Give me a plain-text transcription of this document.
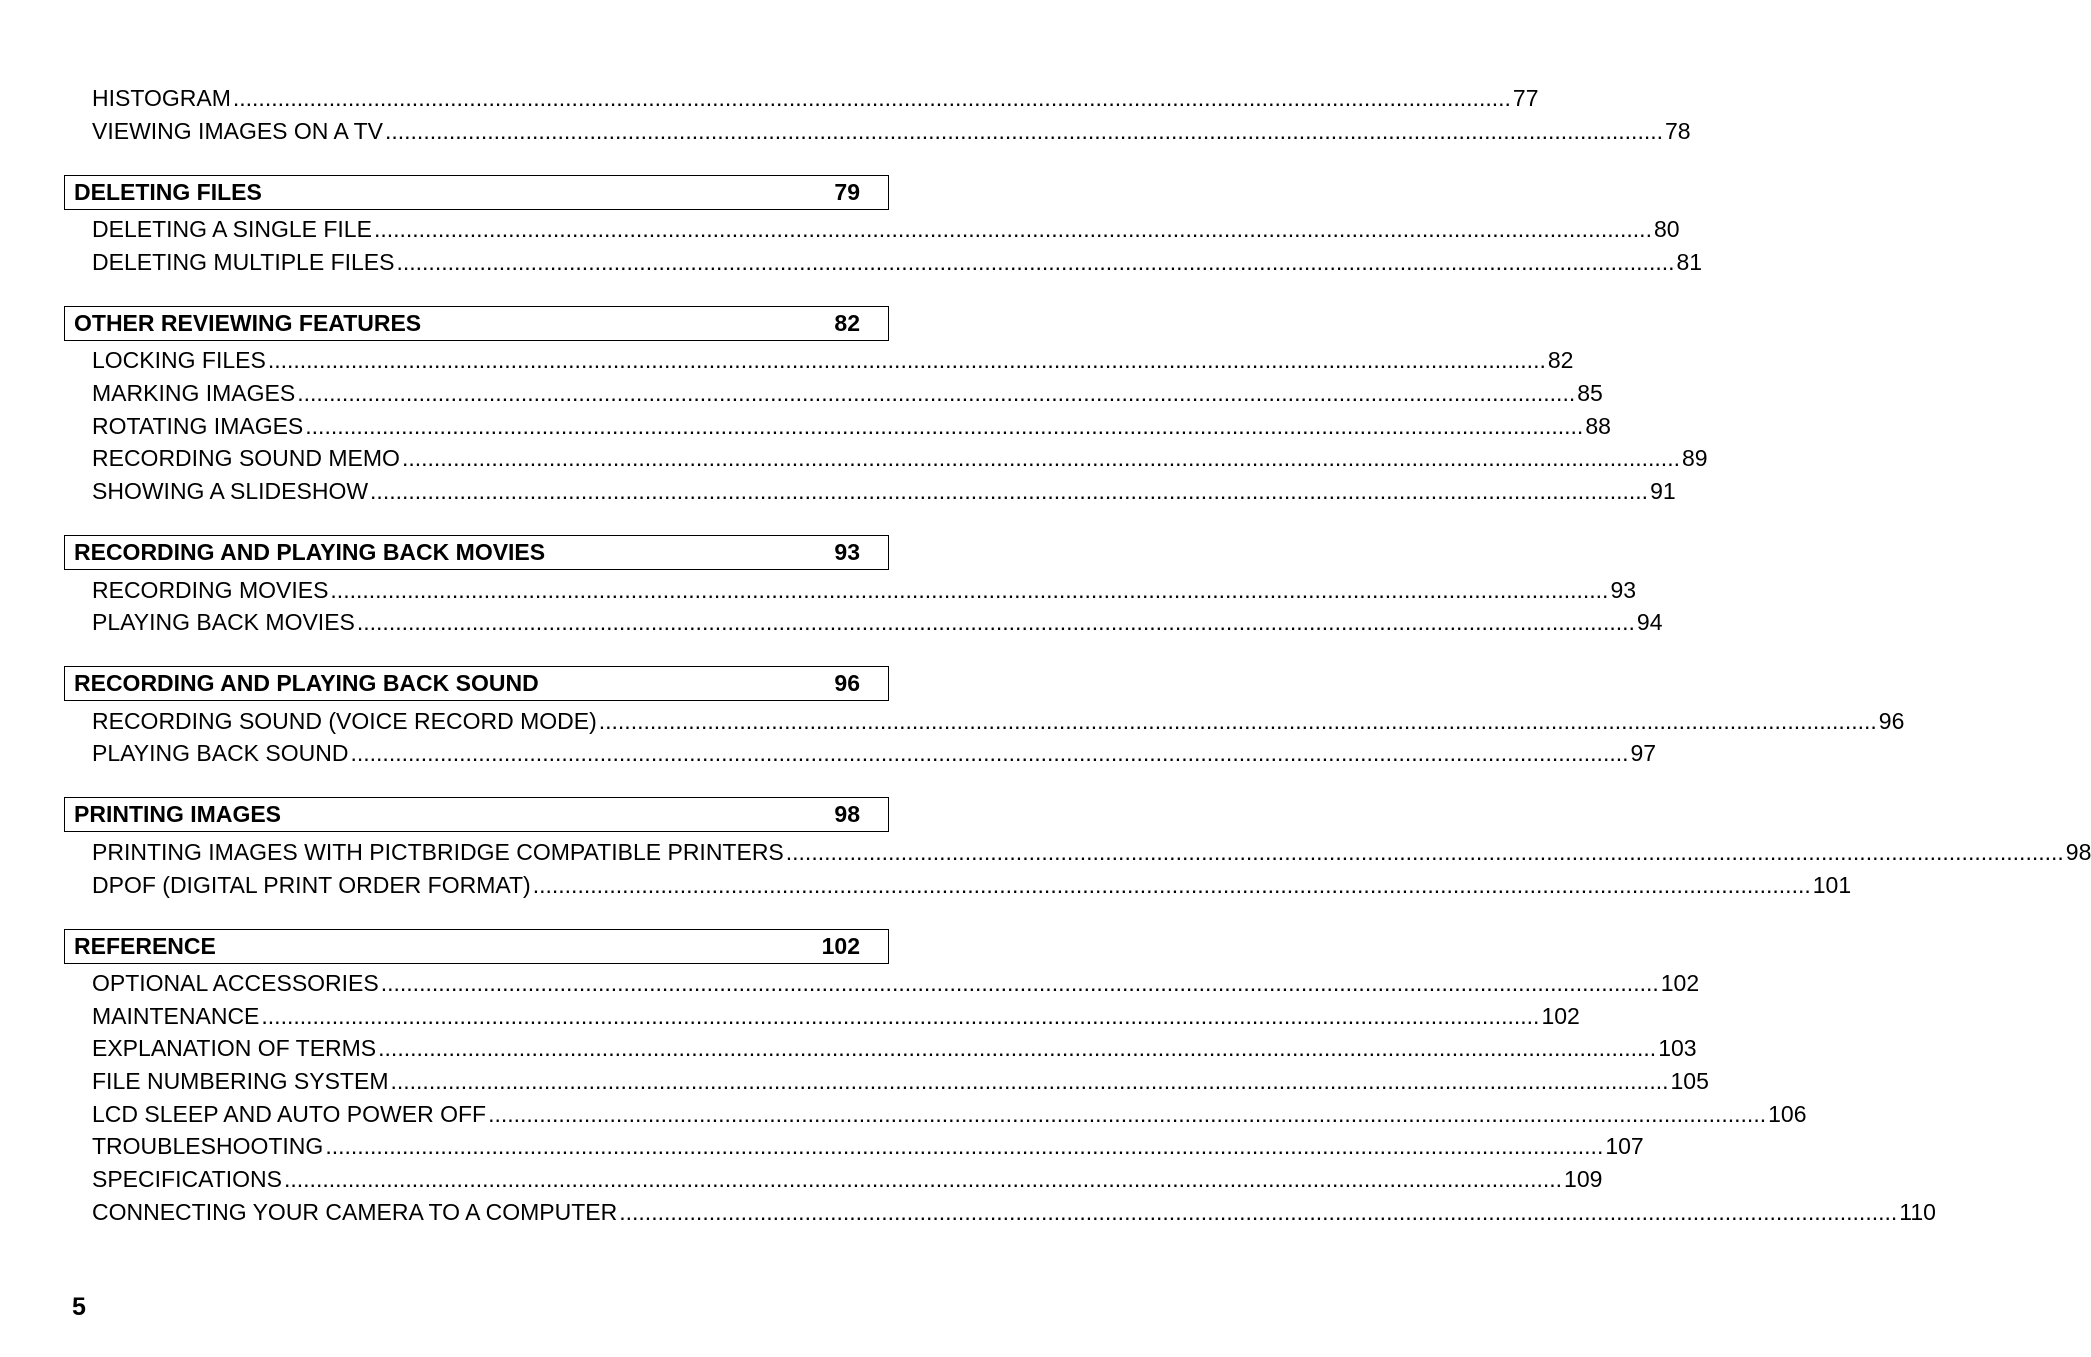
HISTOGRAM ........................................................................................................................................................................................................ 77
VIEWING IMAGES ON A TV ........................................................................................................................................................................................................ 78
DELETING FILES	79
DELETING A SINGLE FILE ........................................................................................................................................................................................................ 80
DELETING MULTIPLE FILES ........................................................................................................................................................................................................ 81
OTHER REVIEWING FEATURES	82
LOCKING FILES ........................................................................................................................................................................................................ 82
MARKING IMAGES ........................................................................................................................................................................................................ 85
ROTATING IMAGES ........................................................................................................................................................................................................ 88
RECORDING SOUND MEMO ........................................................................................................................................................................................................ 89
SHOWING A SLIDESHOW ........................................................................................................................................................................................................ 91
RECORDING AND PLAYING BACK MOVIES	93
RECORDING MOVIES ........................................................................................................................................................................................................ 93
PLAYING BACK MOVIES ........................................................................................................................................................................................................ 94
RECORDING AND PLAYING BACK SOUND	96
RECORDING SOUND (VOICE RECORD MODE) ........................................................................................................................................................................................................ 96
PLAYING BACK SOUND ........................................................................................................................................................................................................ 97
PRINTING IMAGES	98
PRINTING IMAGES WITH PICTBRIDGE COMPATIBLE PRINTERS ........................................................................................................................................................................................................ 98
DPOF (DIGITAL PRINT ORDER FORMAT) ........................................................................................................................................................................................................ 101
REFERENCE	102
OPTIONAL ACCESSORIES ........................................................................................................................................................................................................ 102
MAINTENANCE ........................................................................................................................................................................................................ 102
EXPLANATION OF TERMS ........................................................................................................................................................................................................ 103
FILE NUMBERING SYSTEM ........................................................................................................................................................................................................ 105
LCD SLEEP AND AUTO POWER OFF ........................................................................................................................................................................................................ 106
TROUBLESHOOTING ........................................................................................................................................................................................................ 107
SPECIFICATIONS ........................................................................................................................................................................................................ 109
CONNECTING YOUR CAMERA TO A COMPUTER ........................................................................................................................................................................................................ 110
5
